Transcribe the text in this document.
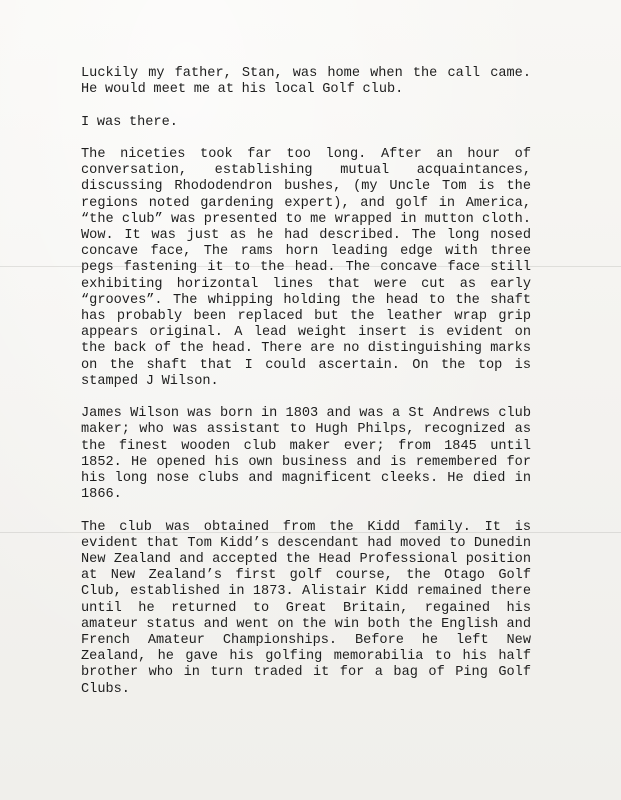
Luckily my father, Stan, was home when the call came. He would meet me at his local Golf club.

I was there.

The niceties took far too long. After an hour of conversation, establishing mutual acquaintances, discussing Rhododendron bushes, (my Uncle Tom is the regions noted gardening expert), and golf in America, “the club” was presented to me wrapped in mutton cloth. Wow. It was just as he had described. The long nosed concave face, The rams horn leading edge with three pegs fastening it to the head. The concave face still exhibiting horizontal lines that were cut as early “grooves”. The whipping holding the head to the shaft has probably been replaced but the leather wrap grip appears original. A lead weight insert is evident on the back of the head. There are no distinguishing marks on the shaft that I could ascertain. On the top is stamped J Wilson.

James Wilson was born in 1803 and was a St Andrews club maker; who was assistant to Hugh Philps, recognized as the finest wooden club maker ever; from 1845 until 1852. He opened his own business and is remembered for his long nose clubs and magnificent cleeks. He died in 1866.

The club was obtained from the Kidd family. It is evident that Tom Kidd’s descendant had moved to Dunedin New Zealand and accepted the Head Professional position at New Zealand’s first golf course, the Otago Golf Club, established in 1873. Alistair Kidd remained there until he returned to Great Britain, regained his amateur status and went on the win both the English and French Amateur Championships. Before he left New Zealand, he gave his golfing memorabilia to his half brother who in turn traded it for a bag of Ping Golf Clubs.
